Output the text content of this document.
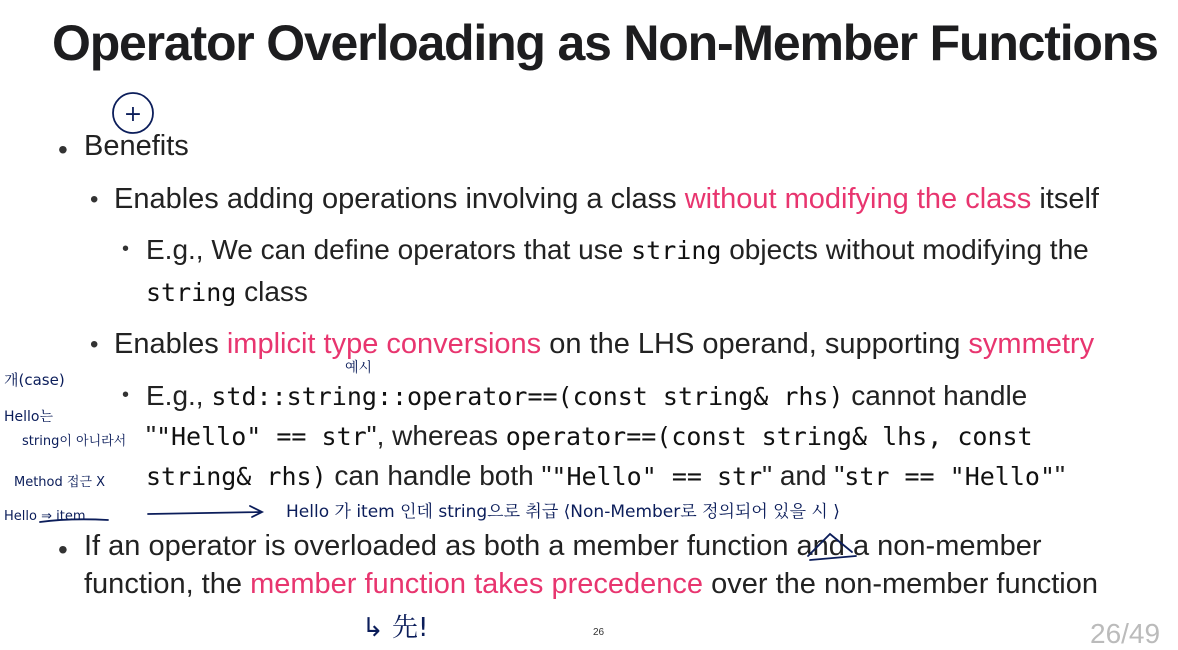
Operator Overloading as Non-Member Functions
• Benefits
• Enables adding operations involving a class without modifying the class itself
• E.g., We can define operators that use string objects without modifying the
string class
• Enables implicit type conversions on the LHS operand, supporting symmetry
• E.g., std::string::operator==(const string& rhs) cannot handle
""Hello" == str", whereas operator==(const string& lhs, const
string& rhs) can handle both ""Hello" == str" and "str == "Hello""
• If an operator is overloaded as both a member function and a non-member
function, the member function takes precedence over the non-member function
26	26/49
+
개(case)
예시
Hello는
string이 아니라서
Method 접근 X
Hello ⇒ item	Hello 가 item 인데 string으로 취급 ⟨Non-Member로 정의되어 있을 시 ⟩
↳ 先!
